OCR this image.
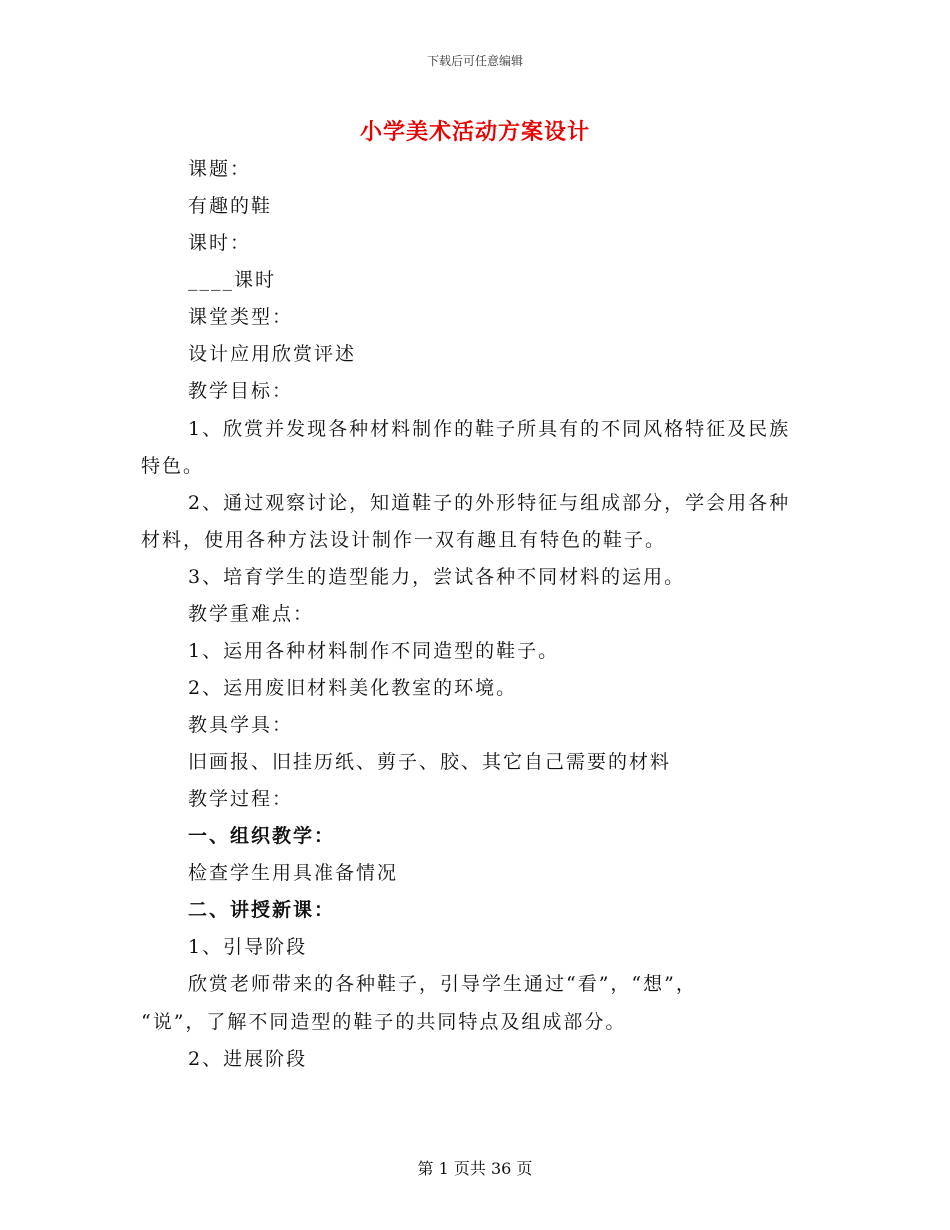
下载后可任意编辑
小学美术活动方案设计
课题：
有趣的鞋
课时：
____课时
课堂类型：
设计应用欣赏评述
教学目标：
1、欣赏并发现各种材料制作的鞋子所具有的不同风格特征及民族
特色。
2、通过观察讨论，知道鞋子的外形特征与组成部分，学会用各种
材料，使用各种方法设计制作一双有趣且有特色的鞋子。
3、培育学生的造型能力，尝试各种不同材料的运用。
教学重难点：
1、运用各种材料制作不同造型的鞋子。
2、运用废旧材料美化教室的环境。
教具学具：
旧画报、旧挂历纸、剪子、胶、其它自己需要的材料
教学过程：
一、组织教学：
检查学生用具准备情况
二、讲授新课：
1、引导阶段
欣赏老师带来的各种鞋子，引导学生通过“看”，“想”，
“说”，了解不同造型的鞋子的共同特点及组成部分。
2、进展阶段
第 1 页共 36 页
